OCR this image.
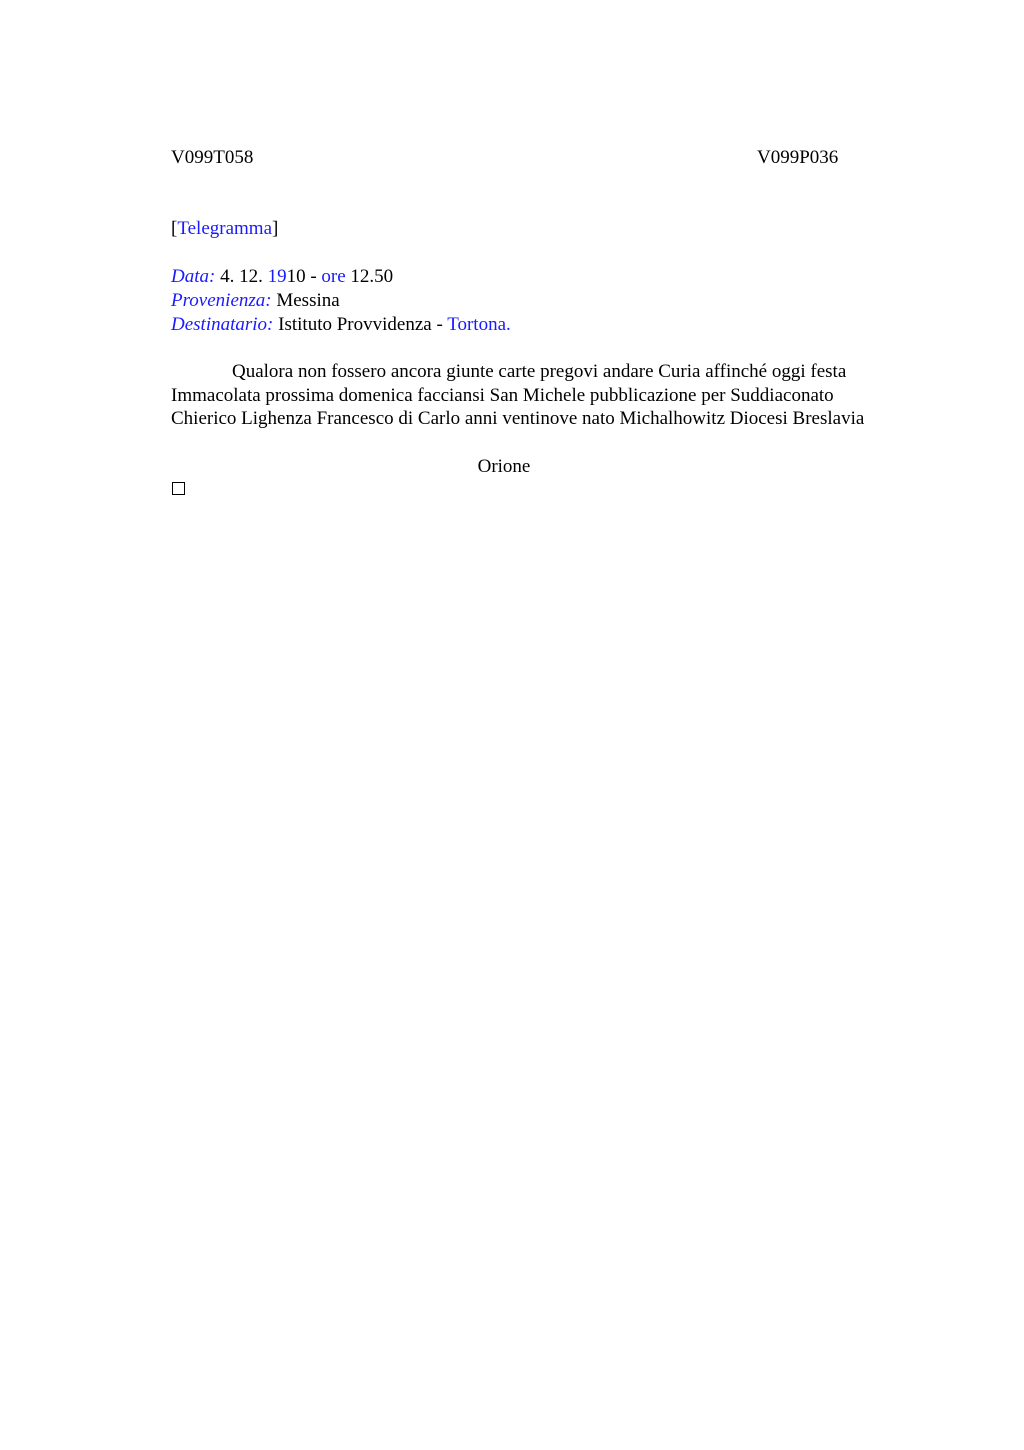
V099T058	V099P036
[Telegramma]
Data: 4. 12. 1910 - ore 12.50
Provenienza: Messina
Destinatario: Istituto Provvidenza - Tortona.
Qualora non fossero ancora giunte carte pregovi andare Curia affinché oggi festa
Immacolata prossima domenica facciansi San Michele pubblicazione per Suddiaconato
Chierico Lighenza Francesco di Carlo anni ventinove nato Michalhowitz Diocesi Breslavia
Orione
